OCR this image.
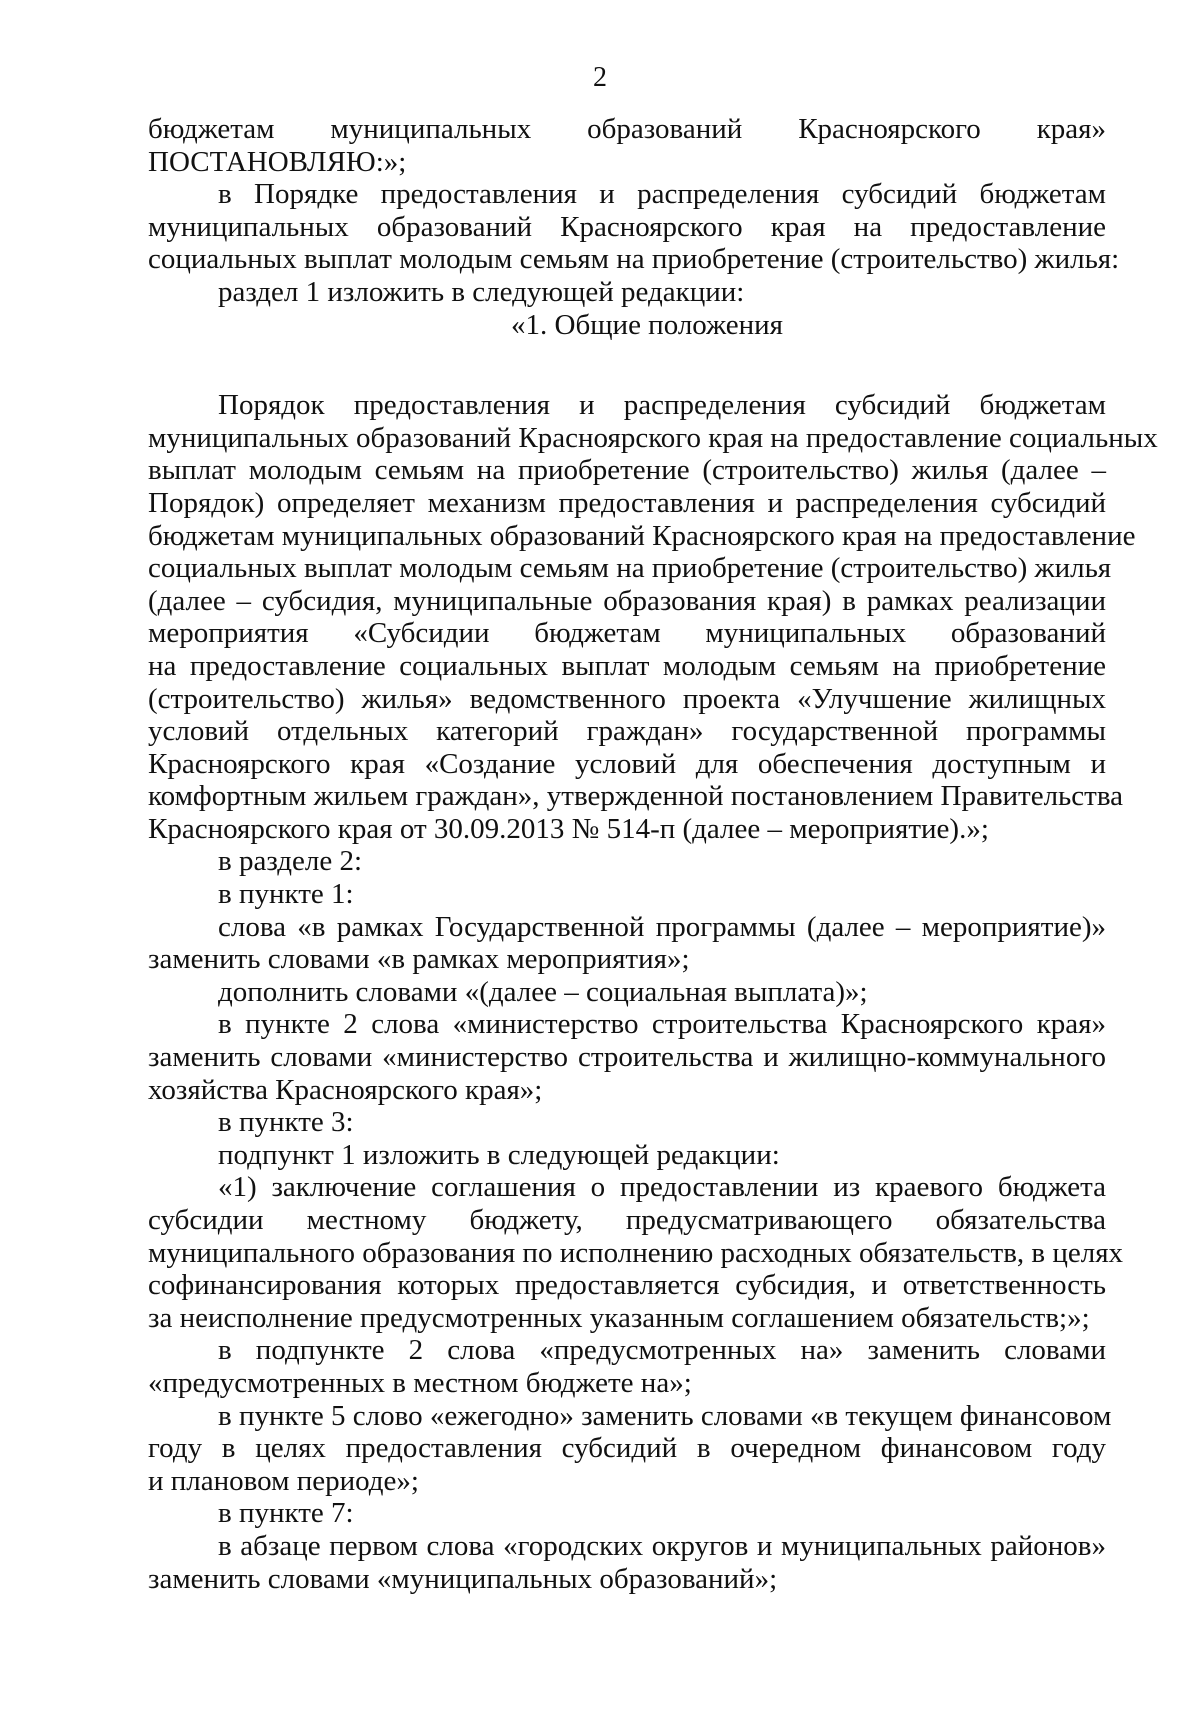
2
бюджетам муниципальных образований Красноярского края»
ПОСТАНОВЛЯЮ:»;
в Порядке предоставления и распределения субсидий бюджетам
муниципальных образований Красноярского края на предоставление
социальных выплат молодым семьям на приобретение (строительство) жилья:
раздел 1 изложить в следующей редакции:
«1. Общие положения
Порядок предоставления и распределения субсидий бюджетам
муниципальных образований Красноярского края на предоставление социальных
выплат молодым семьям на приобретение (строительство) жилья (далее –
Порядок) определяет механизм предоставления и распределения субсидий
бюджетам муниципальных образований Красноярского края на предоставление
социальных выплат молодым семьям на приобретение (строительство) жилья
(далее – субсидия, муниципальные образования края) в рамках реализации
мероприятия «Субсидии бюджетам муниципальных образований
на предоставление социальных выплат молодым семьям на приобретение
(строительство) жилья» ведомственного проекта «Улучшение жилищных
условий отдельных категорий граждан» государственной программы
Красноярского края «Создание условий для обеспечения доступным и
комфортным жильем граждан», утвержденной постановлением Правительства
Красноярского края от 30.09.2013 № 514-п (далее – мероприятие).»;
в разделе 2:
в пункте 1:
слова «в рамках Государственной программы (далее – мероприятие)»
заменить словами «в рамках мероприятия»;
дополнить словами «(далее – социальная выплата)»;
в пункте 2 слова «министерство строительства Красноярского края»
заменить словами «министерство строительства и жилищно-коммунального
хозяйства Красноярского края»;
в пункте 3:
подпункт 1 изложить в следующей редакции:
«1) заключение соглашения о предоставлении из краевого бюджета
субсидии местному бюджету, предусматривающего обязательства
муниципального образования по исполнению расходных обязательств, в целях
софинансирования которых предоставляется субсидия, и ответственность
за неисполнение предусмотренных указанным соглашением обязательств;»;
в подпункте 2 слова «предусмотренных на» заменить словами
«предусмотренных в местном бюджете на»;
в пункте 5 слово «ежегодно» заменить словами «в текущем финансовом
году в целях предоставления субсидий в очередном финансовом году
и плановом периоде»;
в пункте 7:
в абзаце первом слова «городских округов и муниципальных районов»
заменить словами «муниципальных образований»;
